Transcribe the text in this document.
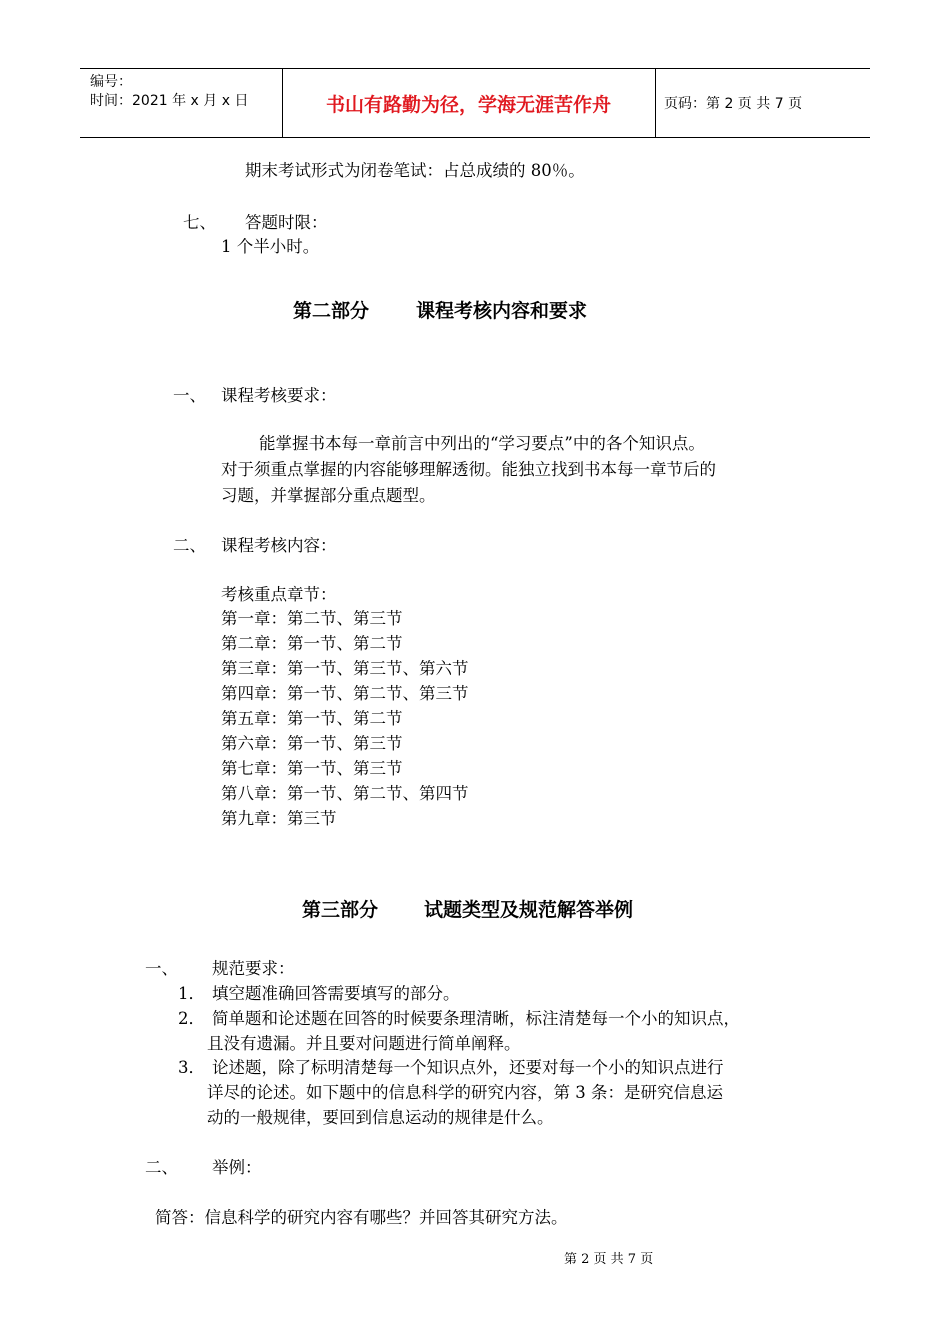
编号：
时间：2021 年 x 月 x 日	书山有路勤为径，学海无涯苦作舟	页码：第 2 页 共 7 页
期末考试形式为闭卷笔试：占总成绩的 80％。
七、 答题时限：
1 个半小时。
第二部分 课程考核内容和要求
一、 课程考核要求：
能掌握书本每一章前言中列出的“学习要点”中的各个知识点。
对于须重点掌握的内容能够理解透彻。能独立找到书本每一章节后的
习题，并掌握部分重点题型。
二、 课程考核内容：
考核重点章节：
第一章：第二节、第三节
第二章：第一节、第二节
第三章：第一节、第三节、第六节
第四章：第一节、第二节、第三节
第五章：第一节、第二节
第六章：第一节、第三节
第七章：第一节、第三节
第八章：第一节、第二节、第四节
第九章：第三节
第三部分 试题类型及规范解答举例
一、 规范要求：
1． 填空题准确回答需要填写的部分。
2． 简单题和论述题在回答的时候要条理清晰，标注清楚每一个小的知识点，
且没有遗漏。并且要对问题进行简单阐释。
3． 论述题，除了标明清楚每一个知识点外，还要对每一个小的知识点进行
详尽的论述。如下题中的信息科学的研究内容，第 3 条：是研究信息运
动的一般规律，要回到信息运动的规律是什么。
二、 举例：
简答：信息科学的研究内容有哪些？并回答其研究方法。
第 2 页 共 7 页
